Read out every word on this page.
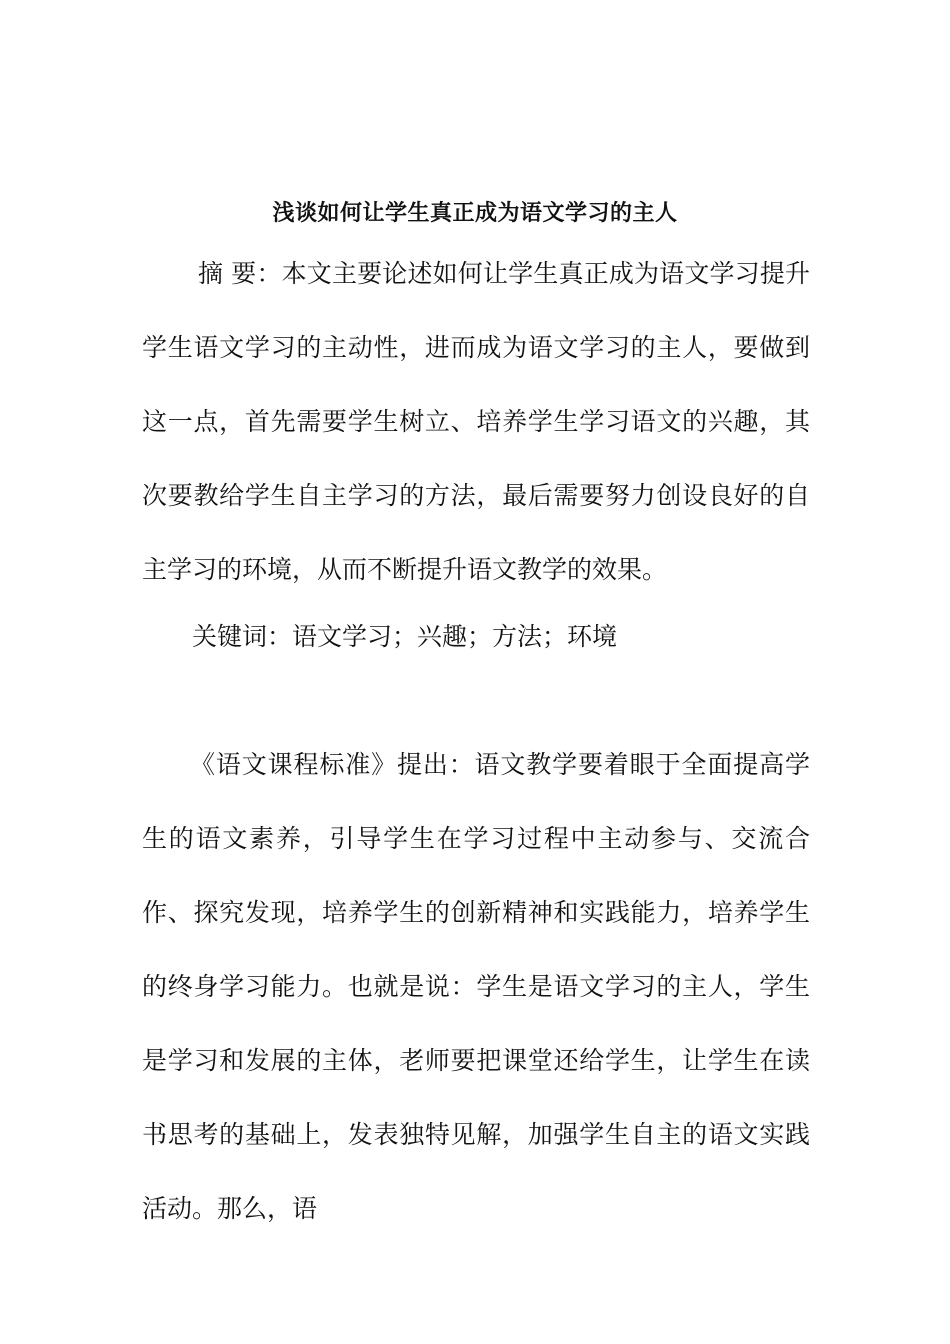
浅谈如何让学生真正成为语文学习的主人
摘 要：本文主要论述如何让学生真正成为语文学习提升学生语文学习的主动性，进而成为语文学习的主人，要做到这一点，首先需要学生树立、培养学生学习语文的兴趣，其次要教给学生自主学习的方法，最后需要努力创设良好的自主学习的环境，从而不断提升语文教学的效果。
关键词：语文学习；兴趣；方法；环境
《语文课程标准》提出：语文教学要着眼于全面提高学生的语文素养，引导学生在学习过程中主动参与、交流合作、探究发现，培养学生的创新精神和实践能力，培养学生的终身学习能力。也就是说：学生是语文学习的主人，学生是学习和发展的主体，老师要把课堂还给学生，让学生在读书思考的基础上，发表独特见解，加强学生自主的语文实践活动。那么，语
